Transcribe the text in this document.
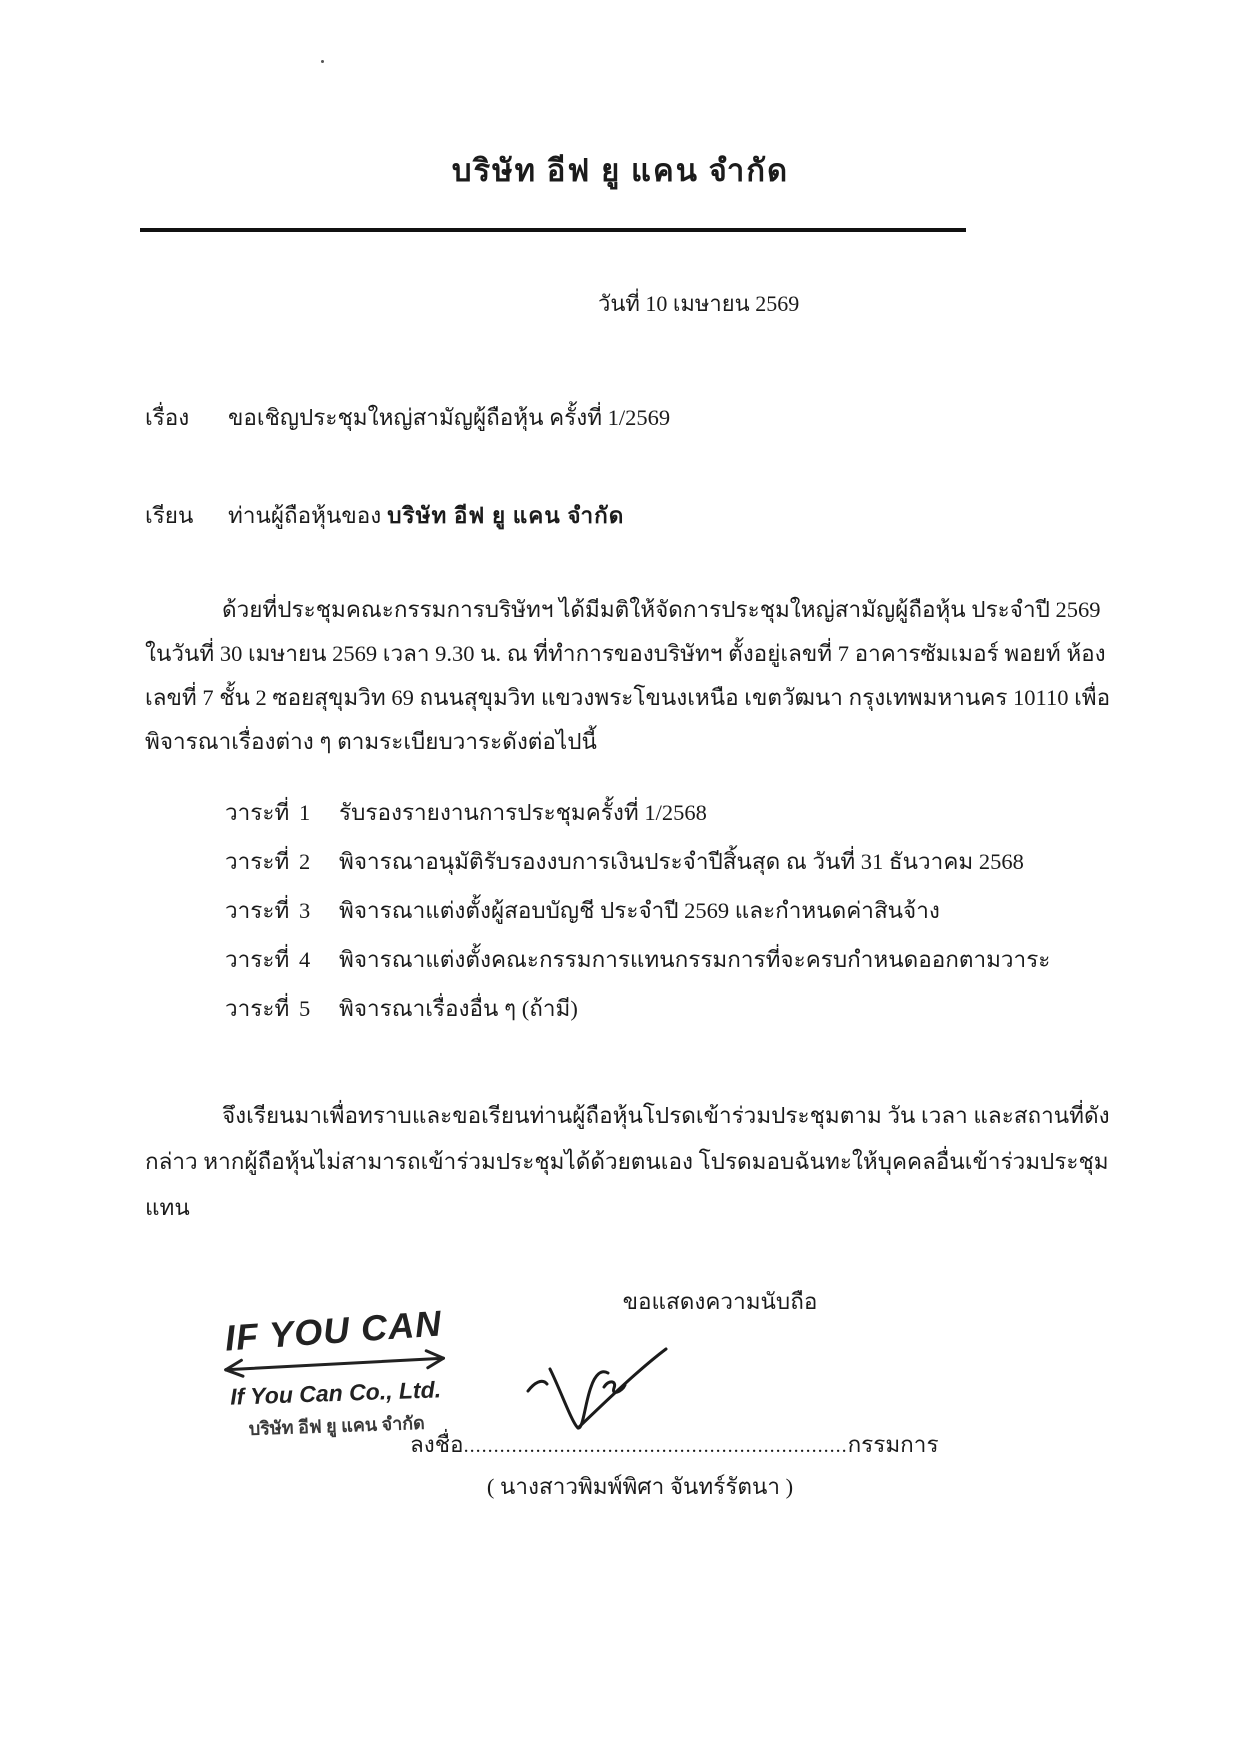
บริษัท อีฟ ยู แคน จำกัด
วันที่ 10 เมษายน 2569
เรื่อง	ขอเชิญประชุมใหญ่สามัญผู้ถือหุ้น ครั้งที่ 1/2569
เรียน	ท่านผู้ถือหุ้นของ บริษัท อีฟ ยู แคน จำกัด

ด้วยที่ประชุมคณะกรรมการบริษัทฯ ได้มีมติให้จัดการประชุมใหญ่สามัญผู้ถือหุ้น ประจำปี 2569 ในวันที่ 30 เมษายน 2569 เวลา 9.30 น. ณ ที่ทำการของบริษัทฯ ตั้งอยู่เลขที่ 7 อาคารซัมเมอร์ พอยท์ ห้องเลขที่ 7 ชั้น 2 ซอยสุขุมวิท 69 ถนนสุขุมวิท แขวงพระโขนงเหนือ เขตวัฒนา กรุงเทพมหานคร 10110 เพื่อพิจารณาเรื่องต่าง ๆ ตามระเบียบวาระดังต่อไปนี้

วาระที่ 1	รับรองรายงานการประชุมครั้งที่ 1/2568
วาระที่ 2	พิจารณาอนุมัติรับรองงบการเงินประจำปีสิ้นสุด ณ วันที่ 31 ธันวาคม 2568
วาระที่ 3	พิจารณาแต่งตั้งผู้สอบบัญชี ประจำปี 2569 และกำหนดค่าสินจ้าง
วาระที่ 4	พิจารณาแต่งตั้งคณะกรรมการแทนกรรมการที่จะครบกำหนดออกตามวาระ
วาระที่ 5	พิจารณาเรื่องอื่น ๆ (ถ้ามี)

จึงเรียนมาเพื่อทราบและขอเรียนท่านผู้ถือหุ้นโปรดเข้าร่วมประชุมตาม วัน เวลา และสถานที่ดังกล่าว หากผู้ถือหุ้นไม่สามารถเข้าร่วมประชุมได้ด้วยตนเอง โปรดมอบฉันทะให้บุคคลอื่นเข้าร่วมประชุมแทน

ขอแสดงความนับถือ
IF YOU CAN
If You Can Co., Ltd.
บริษัท อีฟ ยู แคน จำกัด
ลงชื่อ................................................................กรรมการ
( นางสาวพิมพ์พิศา จันทร์รัตนา )
